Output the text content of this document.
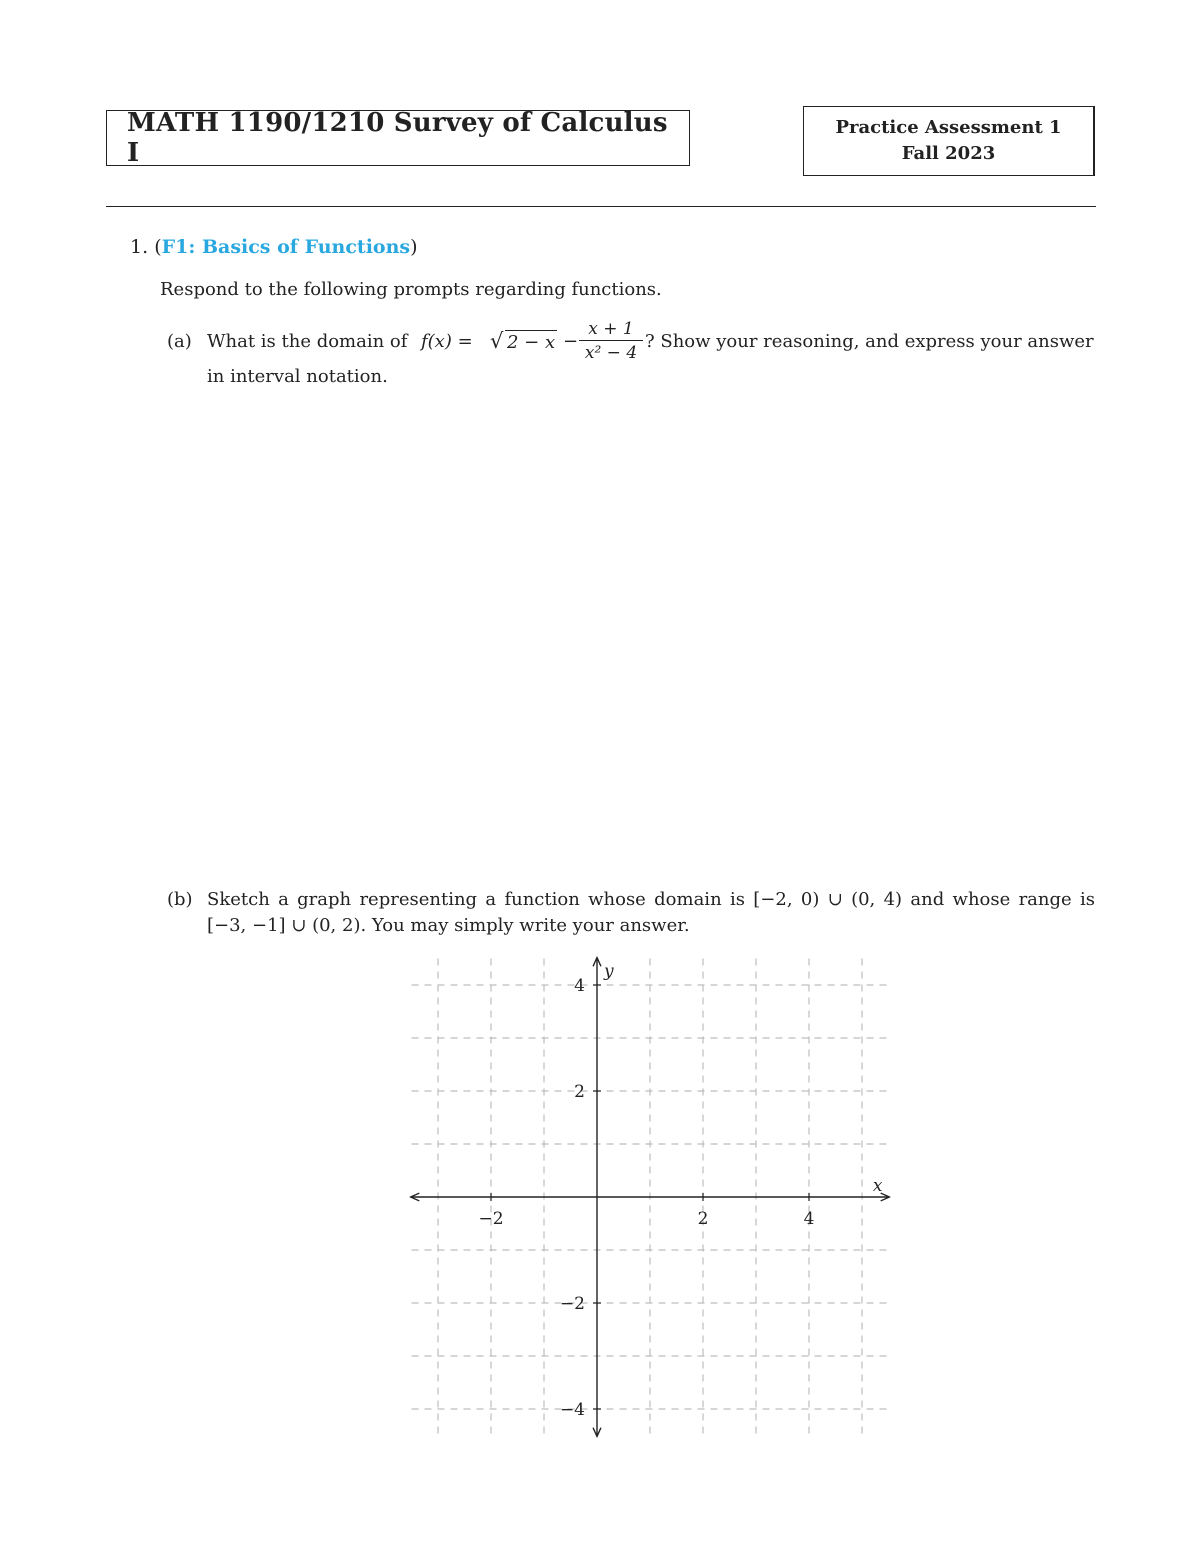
MATH 1190/1210 Survey of Calculus I
Practice Assessment 1
Fall 2023
1. (F1: Basics of Functions)
Respond to the following prompts regarding functions.
(a) What is the domain of f(x) = √ $2 - x - \frac{x + 1}{\text{x² − 4}}$ ? Show your reasoning, and express your answer
in interval notation.
(b) Sketch a graph representing a function whose domain is [−2, 0) ∪ (0, 4) and whose range is
[−3, −1] ∪ (0, 2). You may simply write your answer.
−2	2	4
4
2
−2
−4
x
y
